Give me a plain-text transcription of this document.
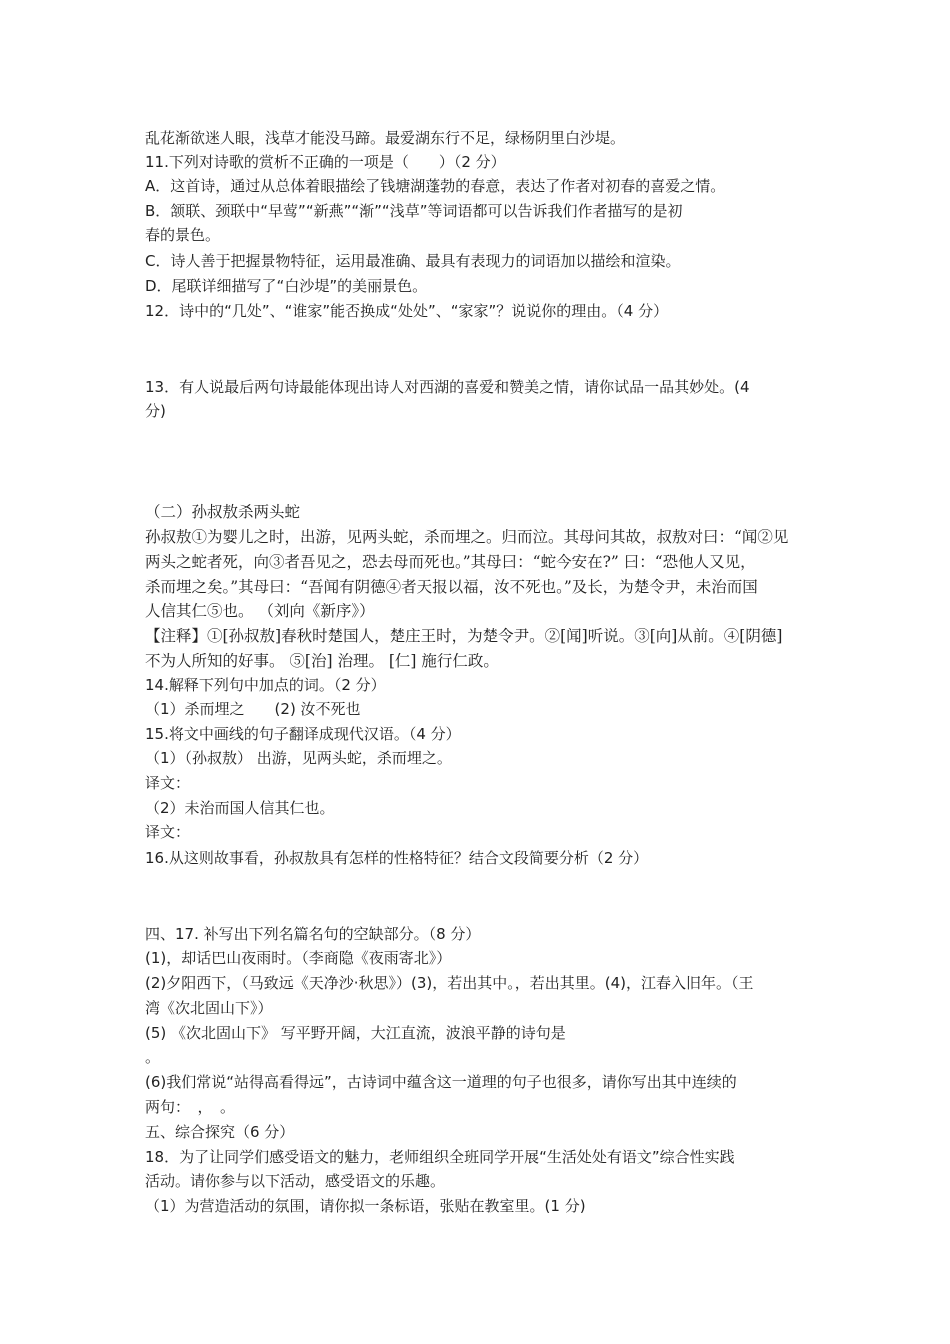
乱花渐欲迷人眼，浅草才能没马蹄。最爱湖东行不足，绿杨阴里白沙堤。
11.下列对诗歌的赏析不正确的一项是（　　）（2 分）
A．这首诗，通过从总体着眼描绘了钱塘湖蓬勃的春意，表达了作者对初春的喜爱之情。
B．颔联、颈联中“早莺”“新燕”“渐”“浅草”等词语都可以告诉我们作者描写的是初
春的景色。
C．诗人善于把握景物特征，运用最准确、最具有表现力的词语加以描绘和渲染。
D．尾联详细描写了“白沙堤”的美丽景色。
12．诗中的“几处”、“谁家”能否换成“处处”、“家家”？说说你的理由。（4 分）
13．有人说最后两句诗最能体现出诗人对西湖的喜爱和赞美之情，请你试品一品其妙处。(4
分)
（二）孙叔敖杀两头蛇
孙叔敖①为婴儿之时，出游，见两头蛇，杀而埋之。归而泣。其母问其故，叔敖对曰：“闻②见
两头之蛇者死，向③者吾见之，恐去母而死也。”其母曰：“蛇今安在?” 曰：“恐他人又见，
杀而埋之矣。”其母曰：“吾闻有阴德④者天报以福，汝不死也。”及长，为楚令尹，未治而国
人信其仁⑤也。 （刘向《新序》）
【注释】①[孙叔敖]春秋时楚国人，楚庄王时，为楚令尹。②[闻]听说。③[向]从前。④[阴德]
不为人所知的好事。 ⑤[治] 治理。 [仁] 施行仁政。
14.解释下列句中加点的词。（2 分）
（1）杀而埋之　　(2) 汝不死也
15.将文中画线的句子翻译成现代汉语。（4 分）
（1）（孙叔敖） 出游，见两头蛇，杀而埋之。
译文：
（2）未治而国人信其仁也。
译文：
16.从这则故事看，孙叔敖具有怎样的性格特征？结合文段简要分析（2 分）
四、17. 补写出下列名篇名句的空缺部分。（8 分）
(1)，却话巴山夜雨时。（李商隐《夜雨寄北》）
(2)夕阳西下，（马致远《天净沙·秋思》）(3)，若出其中。，若出其里。(4)，江春入旧年。（王
湾《次北固山下》）
(5) 《次北固山下》 写平野开阔，大江直流，波浪平静的诗句是
。
(6)我们常说“站得高看得远”，古诗词中蕴含这一道理的句子也很多，请你写出其中连续的
两句：　，　。
五、综合探究（6 分）
18．为了让同学们感受语文的魅力，老师组织全班同学开展“生活处处有语文”综合性实践
活动。请你参与以下活动，感受语文的乐趣。
（1）为营造活动的氛围，请你拟一条标语，张贴在教室里。(1 分)
